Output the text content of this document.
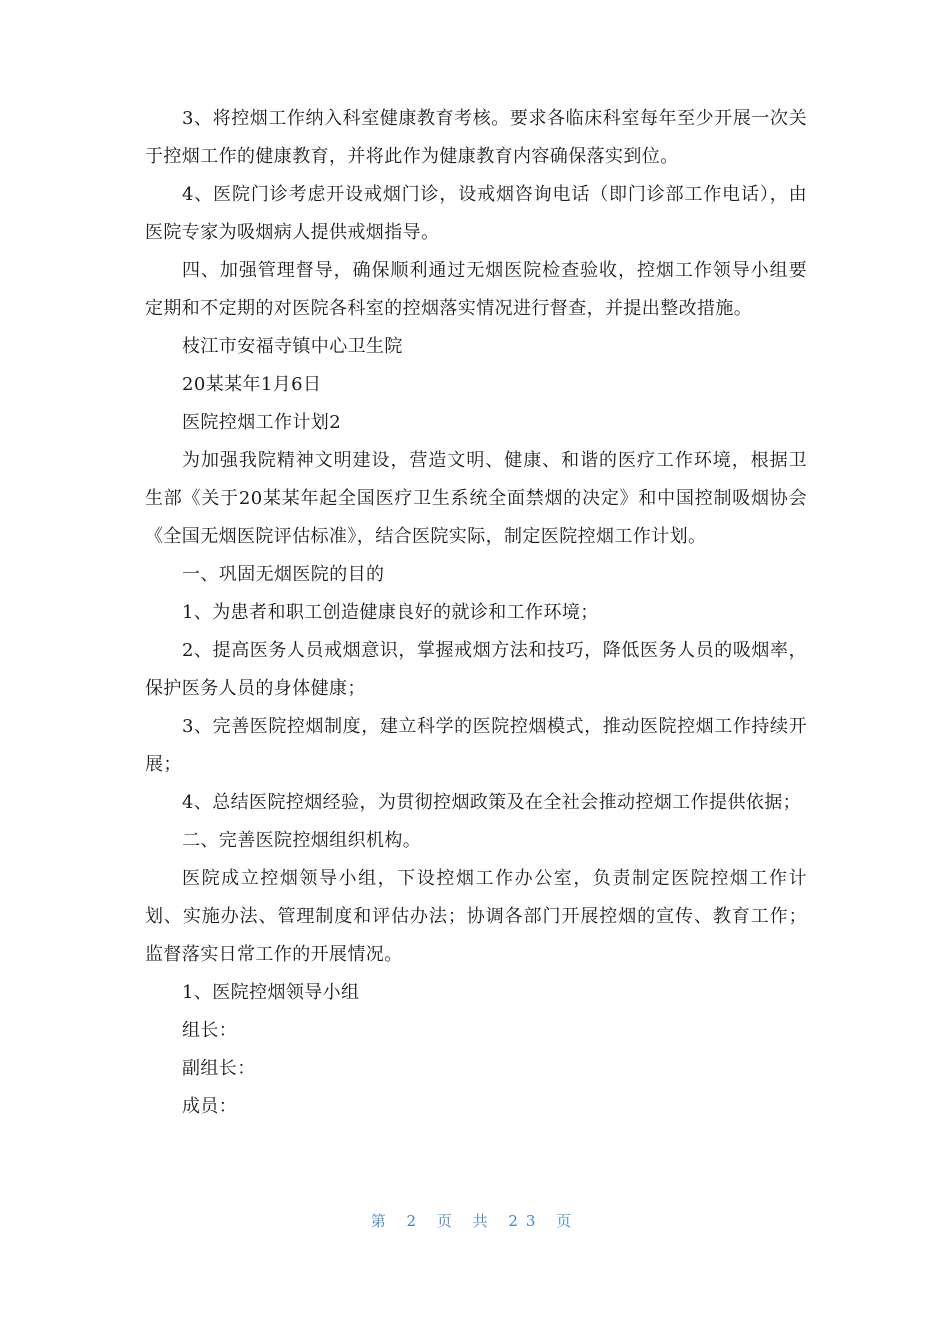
3、将控烟工作纳入科室健康教育考核。要求各临床科室每年至少开展一次关于控烟工作的健康教育，并将此作为健康教育内容确保落实到位。

4、医院门诊考虑开设戒烟门诊，设戒烟咨询电话（即门诊部工作电话），由医院专家为吸烟病人提供戒烟指导。

四、加强管理督导，确保顺利通过无烟医院检查验收，控烟工作领导小组要定期和不定期的对医院各科室的控烟落实情况进行督查，并提出整改措施。

枝江市安福寺镇中心卫生院

20某某年1月6日

医院控烟工作计划2

为加强我院精神文明建设，营造文明、健康、和谐的医疗工作环境，根据卫生部《关于20某某年起全国医疗卫生系统全面禁烟的决定》和中国控制吸烟协会《全国无烟医院评估标准》，结合医院实际，制定医院控烟工作计划。

一、巩固无烟医院的目的

1、为患者和职工创造健康良好的就诊和工作环境；

2、提高医务人员戒烟意识，掌握戒烟方法和技巧，降低医务人员的吸烟率，保护医务人员的身体健康；

3、完善医院控烟制度，建立科学的医院控烟模式，推动医院控烟工作持续开展；

4、总结医院控烟经验，为贯彻控烟政策及在全社会推动控烟工作提供依据；

二、完善医院控烟组织机构。

医院成立控烟领导小组，下设控烟工作办公室，负责制定医院控烟工作计划、实施办法、管理制度和评估办法；协调各部门开展控烟的宣传、教育工作；监督落实日常工作的开展情况。

1、医院控烟领导小组

组长：

副组长：

成员：

第 2 页 共 23 页
